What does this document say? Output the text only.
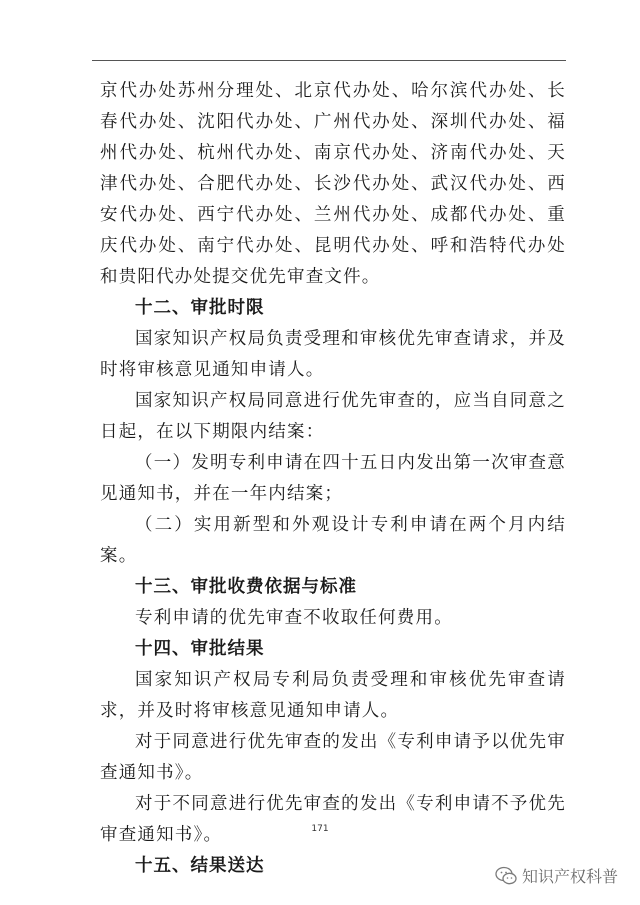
京代办处苏州分理处、北京代办处、哈尔滨代办处、长春代办处、沈阳代办处、广州代办处、深圳代办处、福州代办处、杭州代办处、南京代办处、济南代办处、天津代办处、合肥代办处、长沙代办处、武汉代办处、西安代办处、西宁代办处、兰州代办处、成都代办处、重庆代办处、南宁代办处、昆明代办处、呼和浩特代办处和贵阳代办处提交优先审查文件。

十二、审批时限

国家知识产权局负责受理和审核优先审查请求，并及时将审核意见通知申请人。

国家知识产权局同意进行优先审查的，应当自同意之日起，在以下期限内结案：

（一）发明专利申请在四十五日内发出第一次审查意见通知书，并在一年内结案；

（二）实用新型和外观设计专利申请在两个月内结案。

十三、审批收费依据与标准

专利申请的优先审查不收取任何费用。

十四、审批结果

国家知识产权局专利局负责受理和审核优先审查请求，并及时将审核意见通知申请人。

对于同意进行优先审查的发出《专利申请予以优先审查通知书》。

对于不同意进行优先审查的发出《专利申请不予优先审查通知书》。

十五、结果送达

171
知识产权科普
